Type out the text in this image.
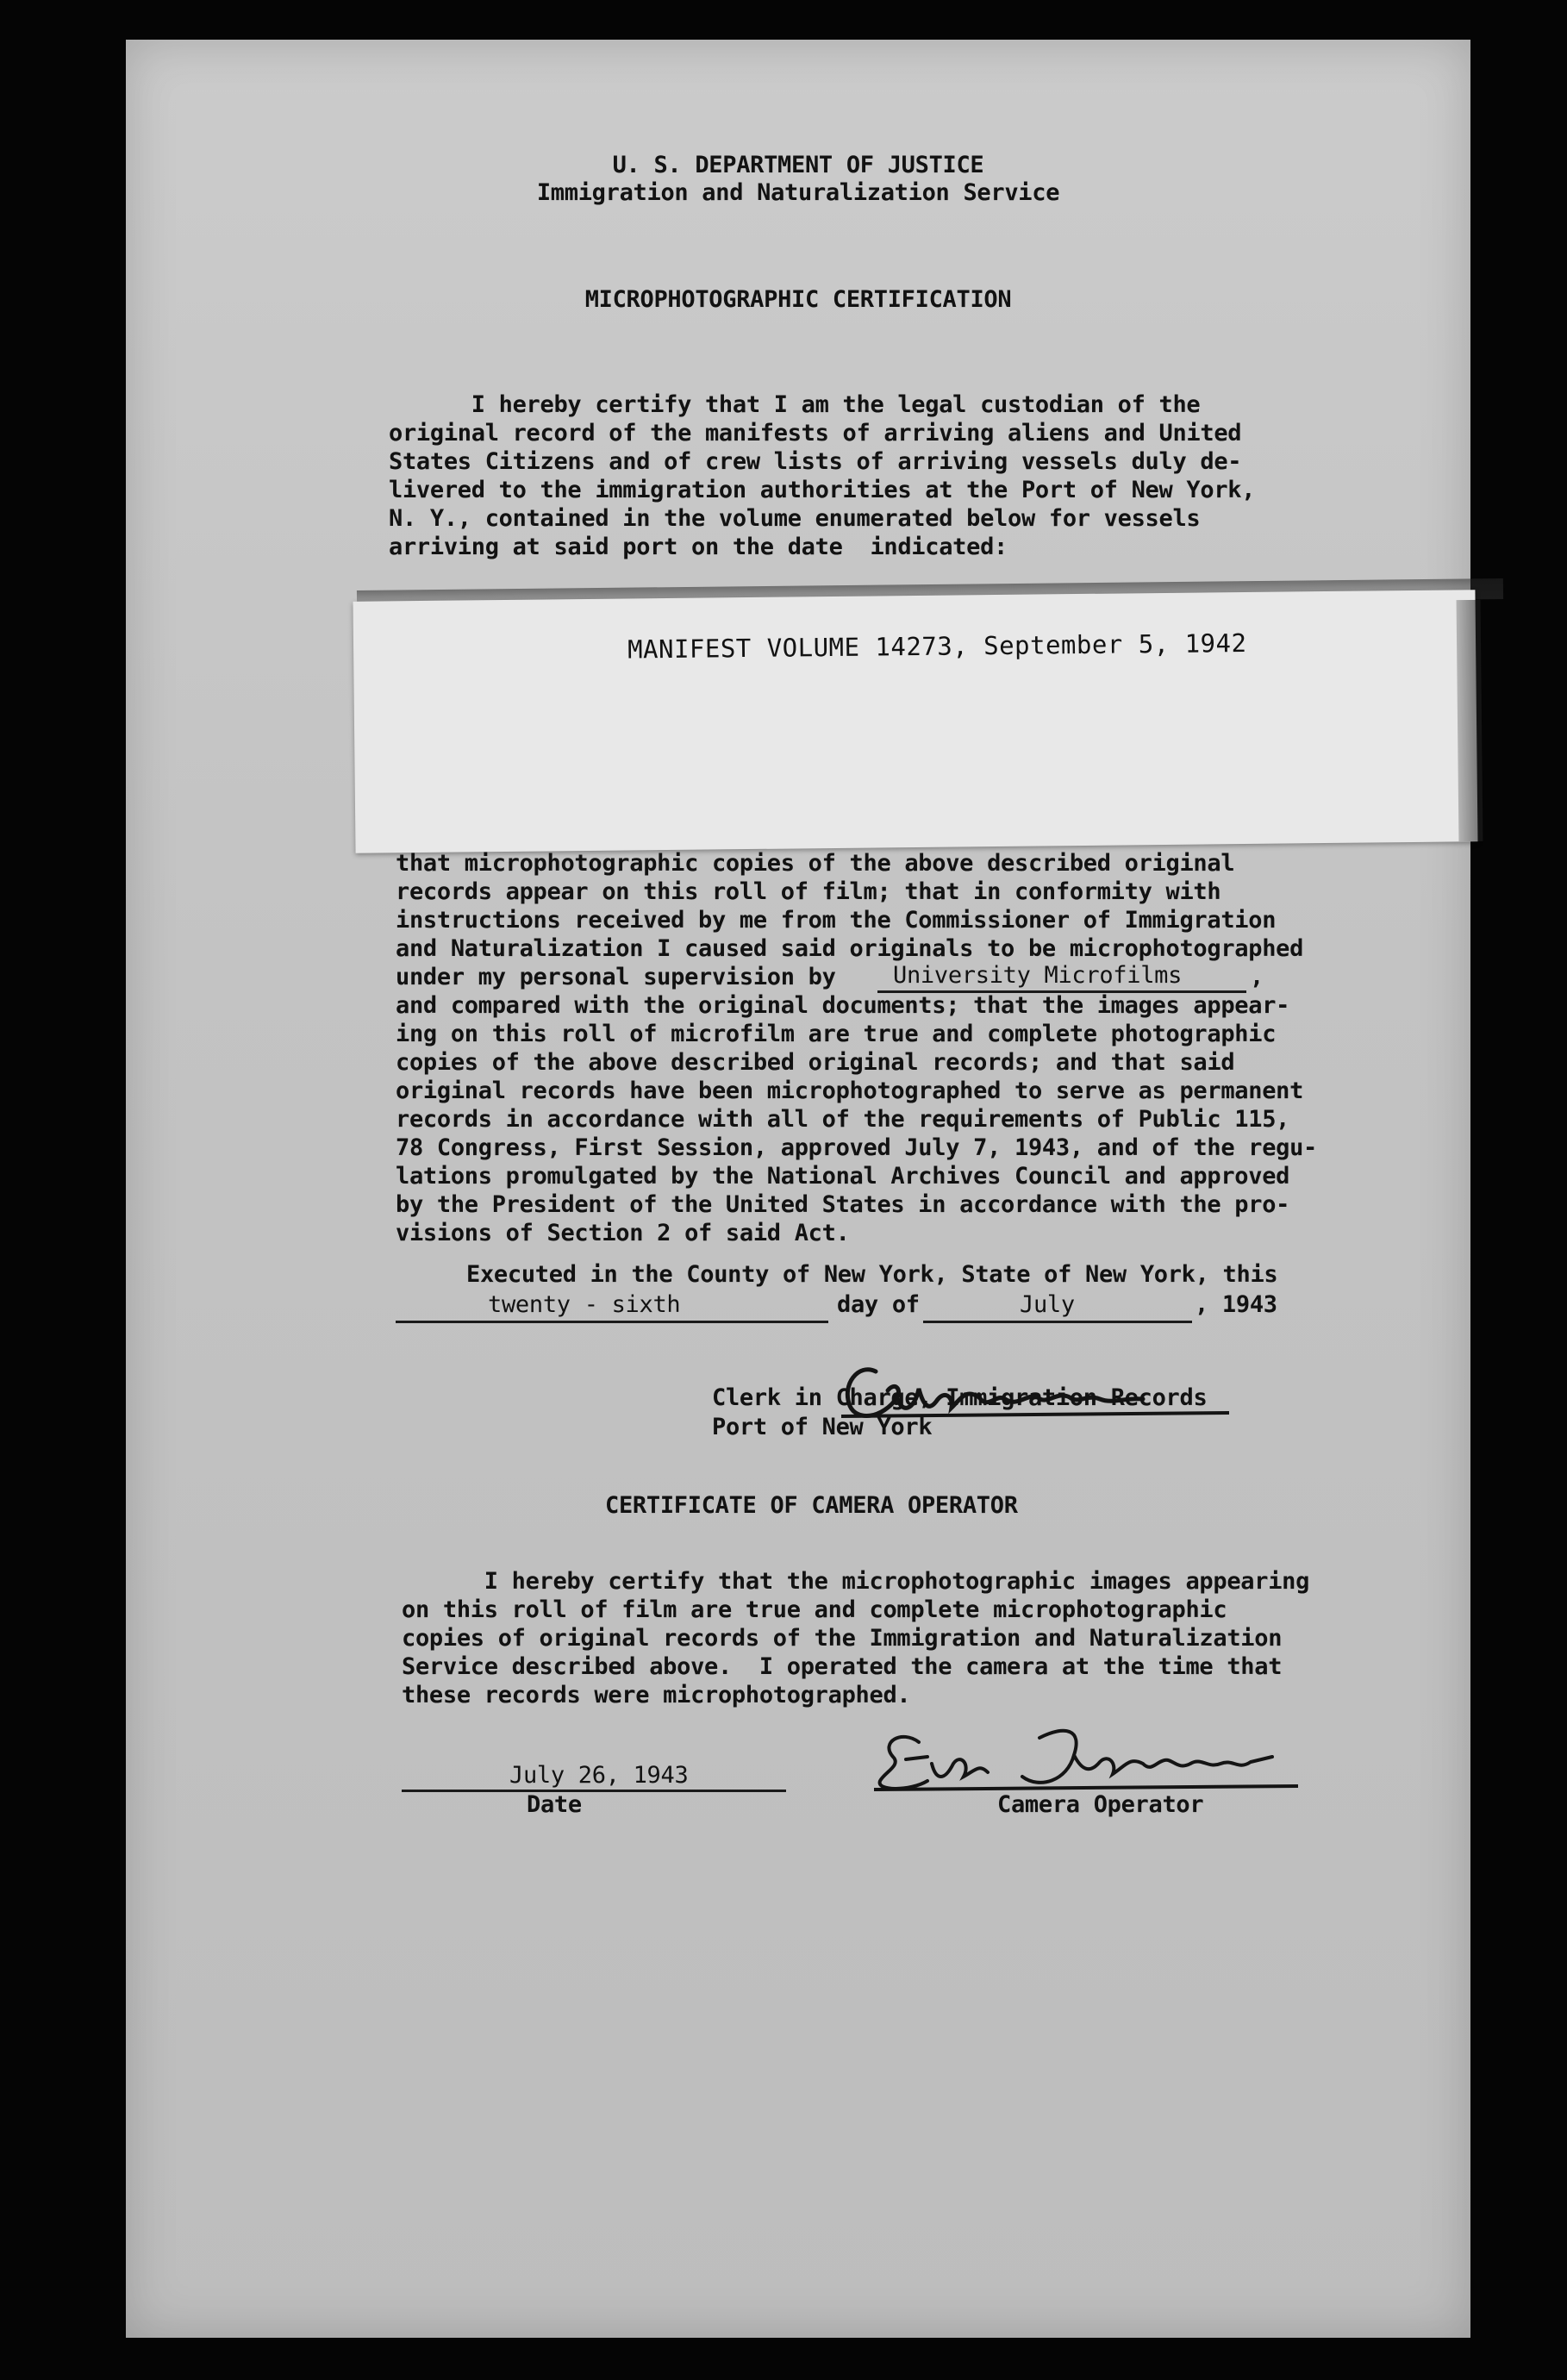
U. S. DEPARTMENT OF JUSTICE
Immigration and Naturalization Service
MICROPHOTOGRAPHIC CERTIFICATION
I hereby certify that I am the legal custodian of the
original record of the manifests of arriving aliens and United
States Citizens and of crew lists of arriving vessels duly de-
livered to the immigration authorities at the Port of New York,
N. Y., contained in the volume enumerated below for vessels
arriving at said port on the date  indicated:
MANIFEST VOLUME 14273, September 5, 1942
that microphotographic copies of the above described original
records appear on this roll of film; that in conformity with
instructions received by me from the Commissioner of Immigration
and Naturalization I caused said originals to be microphotographed
under my personal supervision by University Microfilms	,
and compared with the original documents; that the images appear-
ing on this roll of microfilm are true and complete photographic
copies of the above described original records; and that said
original records have been microphotographed to serve as permanent
records in accordance with all of the requirements of Public 115,
78 Congress, First Session, approved July 7, 1943, and of the regu-
lations promulgated by the National Archives Council and approved
by the President of the United States in accordance with the pro-
visions of Section 2 of said Act.
Executed in the County of New York, State of New York, this
twenty - sixth	day of	July	, 1943
Clerk in Charge, Immigration Records
Port of New York
CERTIFICATE OF CAMERA OPERATOR
I hereby certify that the microphotographic images appearing
on this roll of film are true and complete microphotographic
copies of original records of the Immigration and Naturalization
Service described above.  I operated the camera at the time that
these records were microphotographed.
July 26, 1943
Date	Camera Operator
